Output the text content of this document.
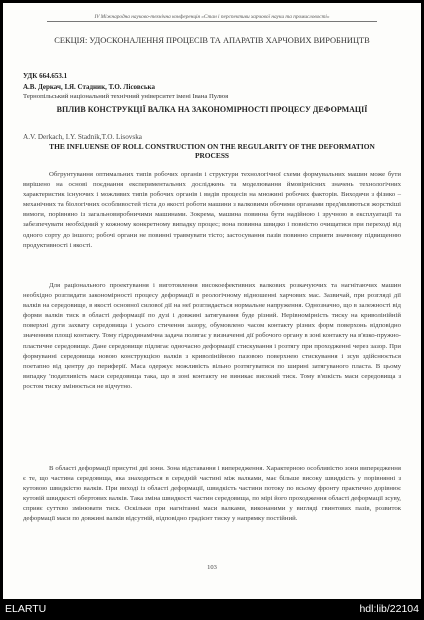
IV Міжнародна науково-технічна конференція «Стан і перспективи харчової науки та промисловості»
СЕКЦІЯ: УДОСКОНАЛЕННЯ ПРОЦЕСІВ ТА АПАРАТІВ ХАРЧОВИХ ВИРОБНИЦТВ
УДК 664.653.1
А.В. Деркач, І.Я. Стадник, Т.О. Лісовська
Тернопільський національний технічний університет імені Івана Пулюя
ВПЛИВ КОНСТРУКЦІЇ ВАЛКА НА ЗАКОНОМІРНОСТІ ПРОЦЕСУ ДЕФОРМАЦІЇ
A.V. Derkach, I.Y. Stadnik,T.O. Lisovska
THE INFLUENSE OF ROLL CONSTRUCTION ON THE REGULARITY OF THE DEFORMATION PROCESS

Обгрунтування оптимальних типів робочих органів і структури технологічної схеми формувальних машин може бути вирішено на основі поєднання експериментальних досліджень та моделювання ймовірнісних значень технологічних характеристик існуючих і можливих типів робочих органів і видів процесів на множині робочих факторів. Виходячи з фізико – механічних та біологічних особливостей тіста до якості роботи машини з валковими обочими органами пред'являються жорсткіші вимоги, порівняно із загальновиробничими машинами. Зокрема, машина повинна бути надійною і зручною в експлуатації та забезпечувати необхідний у кожному конкретному випадку процес; вона повинна швидко і повністю очищатися при переході від одного сорту до іншого; робочі органи не повинні травмувати тісто; застосування пазів повинно сприяти значному підвищенню продуктивності і якості.

Для раціонального проектування і виготовлення високоефективних валкових розкачуючих та нагнітаючих машин необхідно розглядати закономірності процесу деформації в реологічному відношенні харчових мас. Зазвичай, при розгляді дії валків на середовище, в якості основної силової дії на неї розглядається нормальне напруження. Однозначно, що в залежності від форми валків тиск в області деформації по дузі і довжині затягування буде різний. Нерівномірність тиску на криволінійній поверхні дуги захвату середовища і усього стичення зазору, обумовлено часом контакту різних форм поверхонь відповідно значенням площі контакту. Тому гідродинамічна задача полягає у визначенні дії робочого органу в зоні контакту на в'язко-пружно-пластичне середовище. Дане середовище підлягає одночасно деформації стискування і розтягу при проходженні через зазор. При формуванні середовища новою конструкцією валків з криволінійною пазовою поверхнею стискування і зсув здійснюється поетапно від центру до периферії. Маса одержує можливість вільно розтягуватися по ширині затягуваного пласта. В цьому випадку 'податливість маси середовища така, що в зоні контакту не виникає високий тиск. Тому в'язкість маси середовища з ростом тиску змінюється не відчутно.

В області деформації присутні дві зони. Зона відставання і випередження. Характерною особливістю зони випередження є те, що частина середовища, яка знаходиться в середній частині між валками, має більше високу швидкість у порівнянні з кутовою швидкістю валків. При виході із області деформації, швидкість частини потоку по всьому фронту практично дорівнює кутовій швидкості обертових валків. Така зміна швидкості частин середовища, по мірі його проходження області деформації зсуву, сприяє суттєво змінювати тиск. Оскільки при нагнітанні маси валками, виконаними у вигляді гвинтових пазів, розвиток деформації маси по довжині валків відсутній, відповідно градієнт тиску у напрямку постійний.

103
ELARTU	hdl:lib/22104
